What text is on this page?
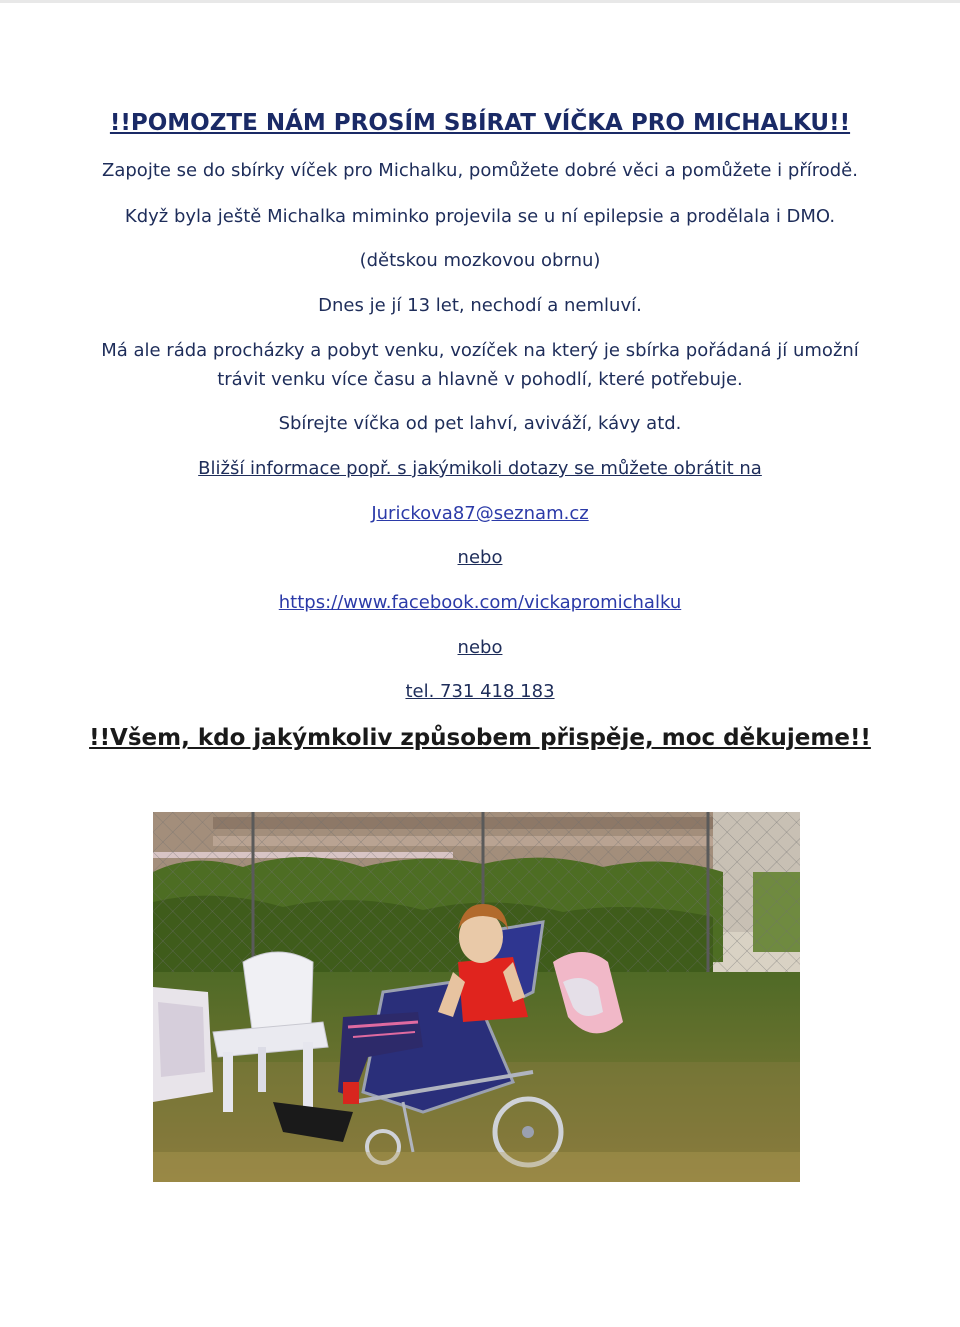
!!POMOZTE NÁM PROSÍM SBÍRAT VÍČKA PRO MICHALKU!!
Zapojte se do sbírky víček pro Michalku, pomůžete dobré věci a pomůžete i přírodě.
Když byla ještě Michalka miminko projevila se u ní epilepsie a prodělala i DMO.
(dětskou mozkovou obrnu)
Dnes je jí 13 let, nechodí a nemluví.
Má ale ráda procházky a pobyt venku, vozíček na který je sbírka pořádaná jí umožní
trávit venku více času a hlavně v pohodlí, které potřebuje.
Sbírejte víčka od pet lahví, aviváží, kávy atd.
Bližší informace popř. s jakýmikoli dotazy se můžete obrátit na
Jurickova87@seznam.cz
nebo
https://www.facebook.com/vickapromichalku
nebo
tel. 731 418 183
!!Všem, kdo jakýmkoliv způsobem přispěje, moc děkujeme!!
